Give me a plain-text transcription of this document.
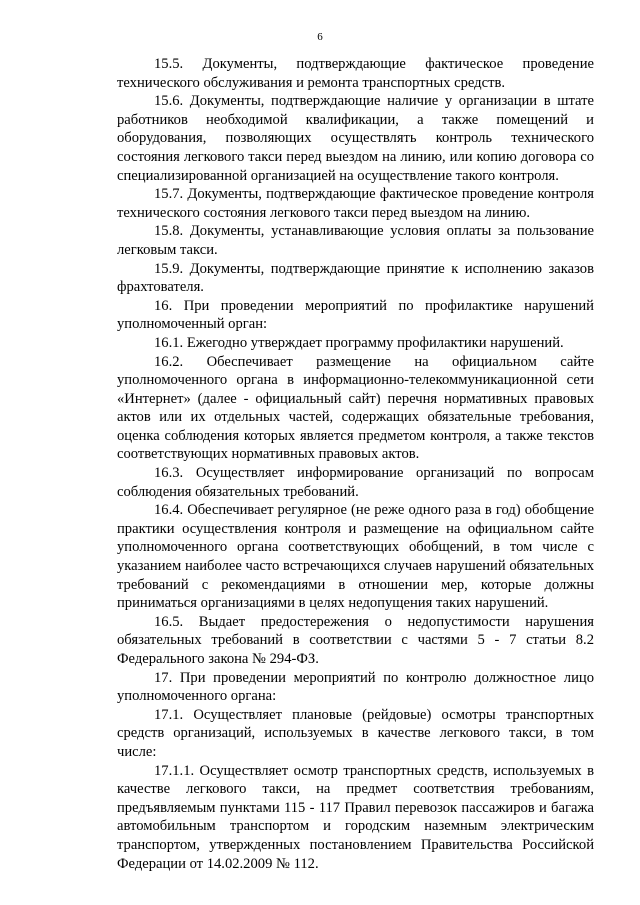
6

15.5. Документы, подтверждающие фактическое проведение технического обслуживания и ремонта транспортных средств.

15.6. Документы, подтверждающие наличие у организации в штате работников необходимой квалификации, а также помещений и оборудования, позволяющих осуществлять контроль технического состояния легкового такси перед выездом на линию, или копию договора со специализированной организацией на осуществление такого контроля.

15.7. Документы, подтверждающие фактическое проведение контроля технического состояния легкового такси перед выездом на линию.

15.8. Документы, устанавливающие условия оплаты за пользование легковым такси.

15.9. Документы, подтверждающие принятие к исполнению заказов фрахтователя.

16. При проведении мероприятий по профилактике нарушений уполномоченный орган:

16.1. Ежегодно утверждает программу профилактики нарушений.

16.2. Обеспечивает размещение на официальном сайте уполномоченного органа в информационно-телекоммуникационной сети «Интернет» (далее - официальный сайт) перечня нормативных правовых актов или их отдельных частей, содержащих обязательные требования, оценка соблюдения которых является предметом контроля, а также текстов соответствующих нормативных правовых актов.

16.3. Осуществляет информирование организаций по вопросам соблюдения обязательных требований.

16.4. Обеспечивает регулярное (не реже одного раза в год) обобщение практики осуществления контроля и размещение на официальном сайте уполномоченного органа соответствующих обобщений, в том числе с указанием наиболее часто встречающихся случаев нарушений обязательных требований с рекомендациями в отношении мер, которые должны приниматься организациями в целях недопущения таких нарушений.

16.5. Выдает предостережения о недопустимости нарушения обязательных требований в соответствии с частями 5 - 7 статьи 8.2 Федерального закона № 294-ФЗ.

17. При проведении мероприятий по контролю должностное лицо уполномоченного органа:

17.1. Осуществляет плановые (рейдовые) осмотры транспортных средств организаций, используемых в качестве легкового такси, в том числе:

17.1.1. Осуществляет осмотр транспортных средств, используемых в качестве легкового такси, на предмет соответствия требованиям, предъявляемым пунктами 115 - 117 Правил перевозок пассажиров и багажа автомобильным транспортом и городским наземным электрическим транспортом, утвержденных постановлением Правительства Российской Федерации от 14.02.2009 № 112.
